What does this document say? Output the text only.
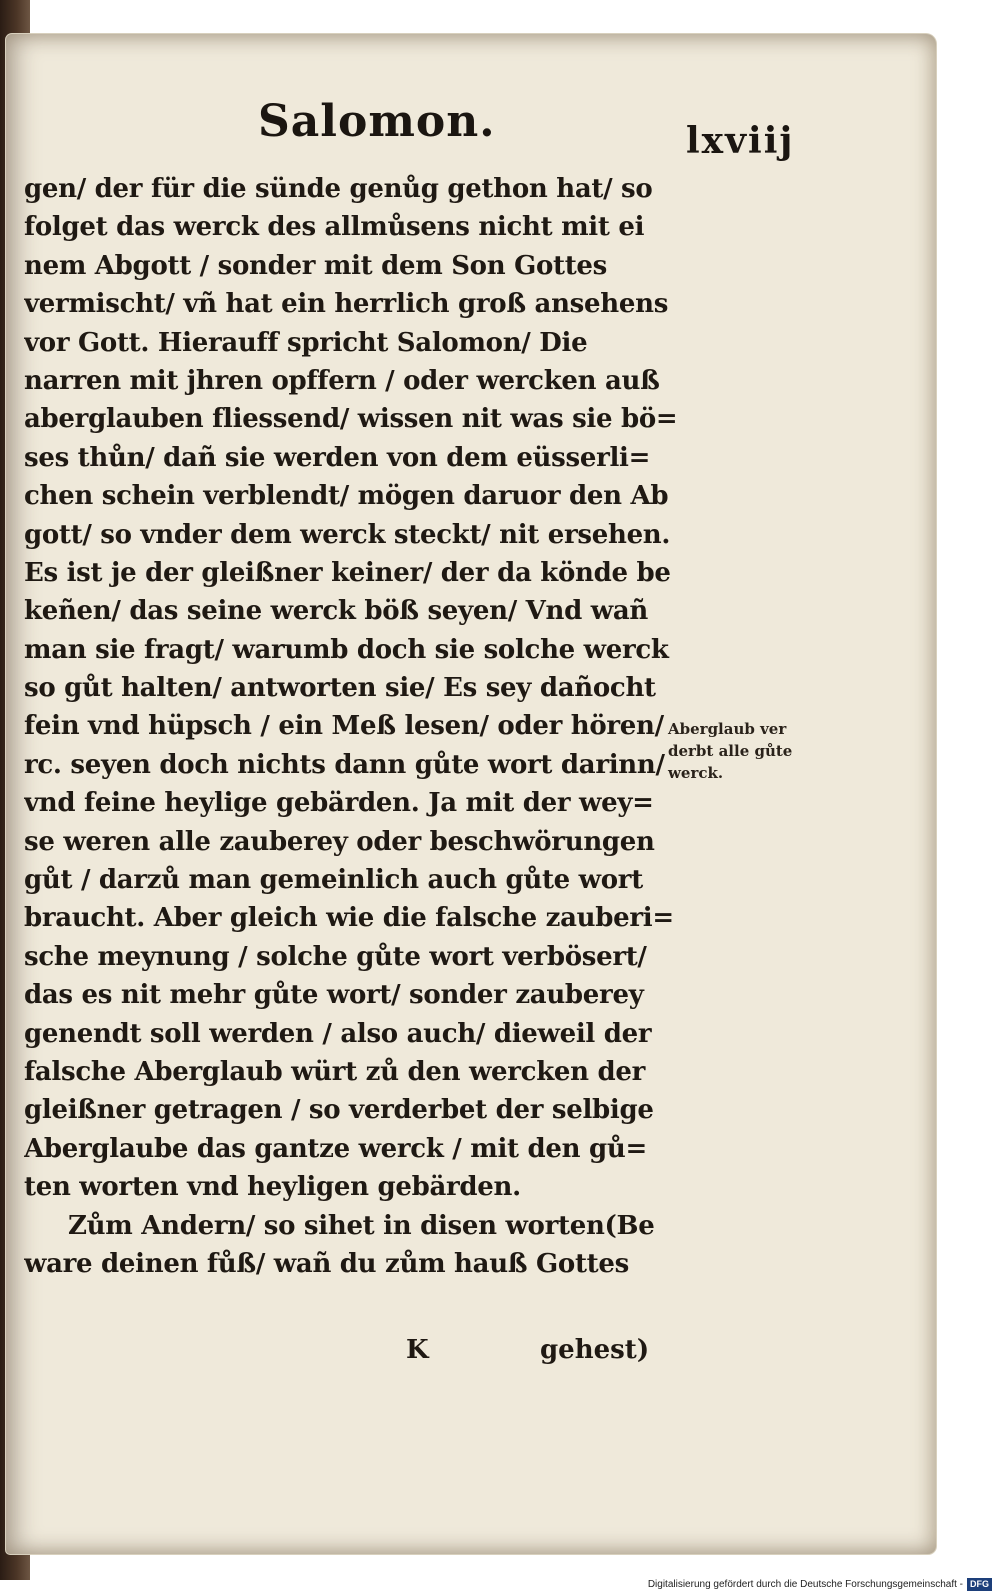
Salomon.	lxviij
gen/ der für die sünde genůg gethon hat/ so
folget das werck des allmůsens nicht mit ei
nem Abgott / sonder mit dem Son Gottes
vermischt/ vñ hat ein herrlich groß ansehens
vor Gott. Hierauff spricht Salomon/ Die
narren mit jhren opffern / oder wercken auß
aberglauben fliessend/ wissen nit was sie bö=
ses thůn/ dañ sie werden von dem eüsserli=
chen schein verblendt/ mögen daruor den Ab
gott/ so vnder dem werck steckt/ nit ersehen.
Es ist je der gleißner keiner/ der da könde be
keñen/ das seine werck böß seyen/ Vnd wañ
man sie fragt/ warumb doch sie solche werck
so gůt halten/ antworten sie/ Es sey dañocht
fein vnd hüpsch / ein Meß lesen/ oder hören/
rc. seyen doch nichts dann gůte wort darinn/
vnd feine heylige gebärden. Ja mit der wey=
se weren alle zauberey oder beschwörungen
gůt / darzů man gemeinlich auch gůte wort
braucht. Aber gleich wie die falsche zauberi=
sche meynung / solche gůte wort verbösert/
das es nit mehr gůte wort/ sonder zauberey
genendt soll werden / also auch/ dieweil der
falsche Aberglaub würt zů den wercken der
gleißner getragen / so verderbet der selbige
Aberglaube das gantze werck / mit den gů=
ten worten vnd heyligen gebärden.
Zům Andern/ so sihet in disen worten(Be
ware deinen fůß/ wañ du zům hauß Gottes
Aberglaub ver
derbt alle gůte
werck.
K	gehest)
Digitalisierung gefördert durch die Deutsche Forschungsgemeinschaft - DFG
